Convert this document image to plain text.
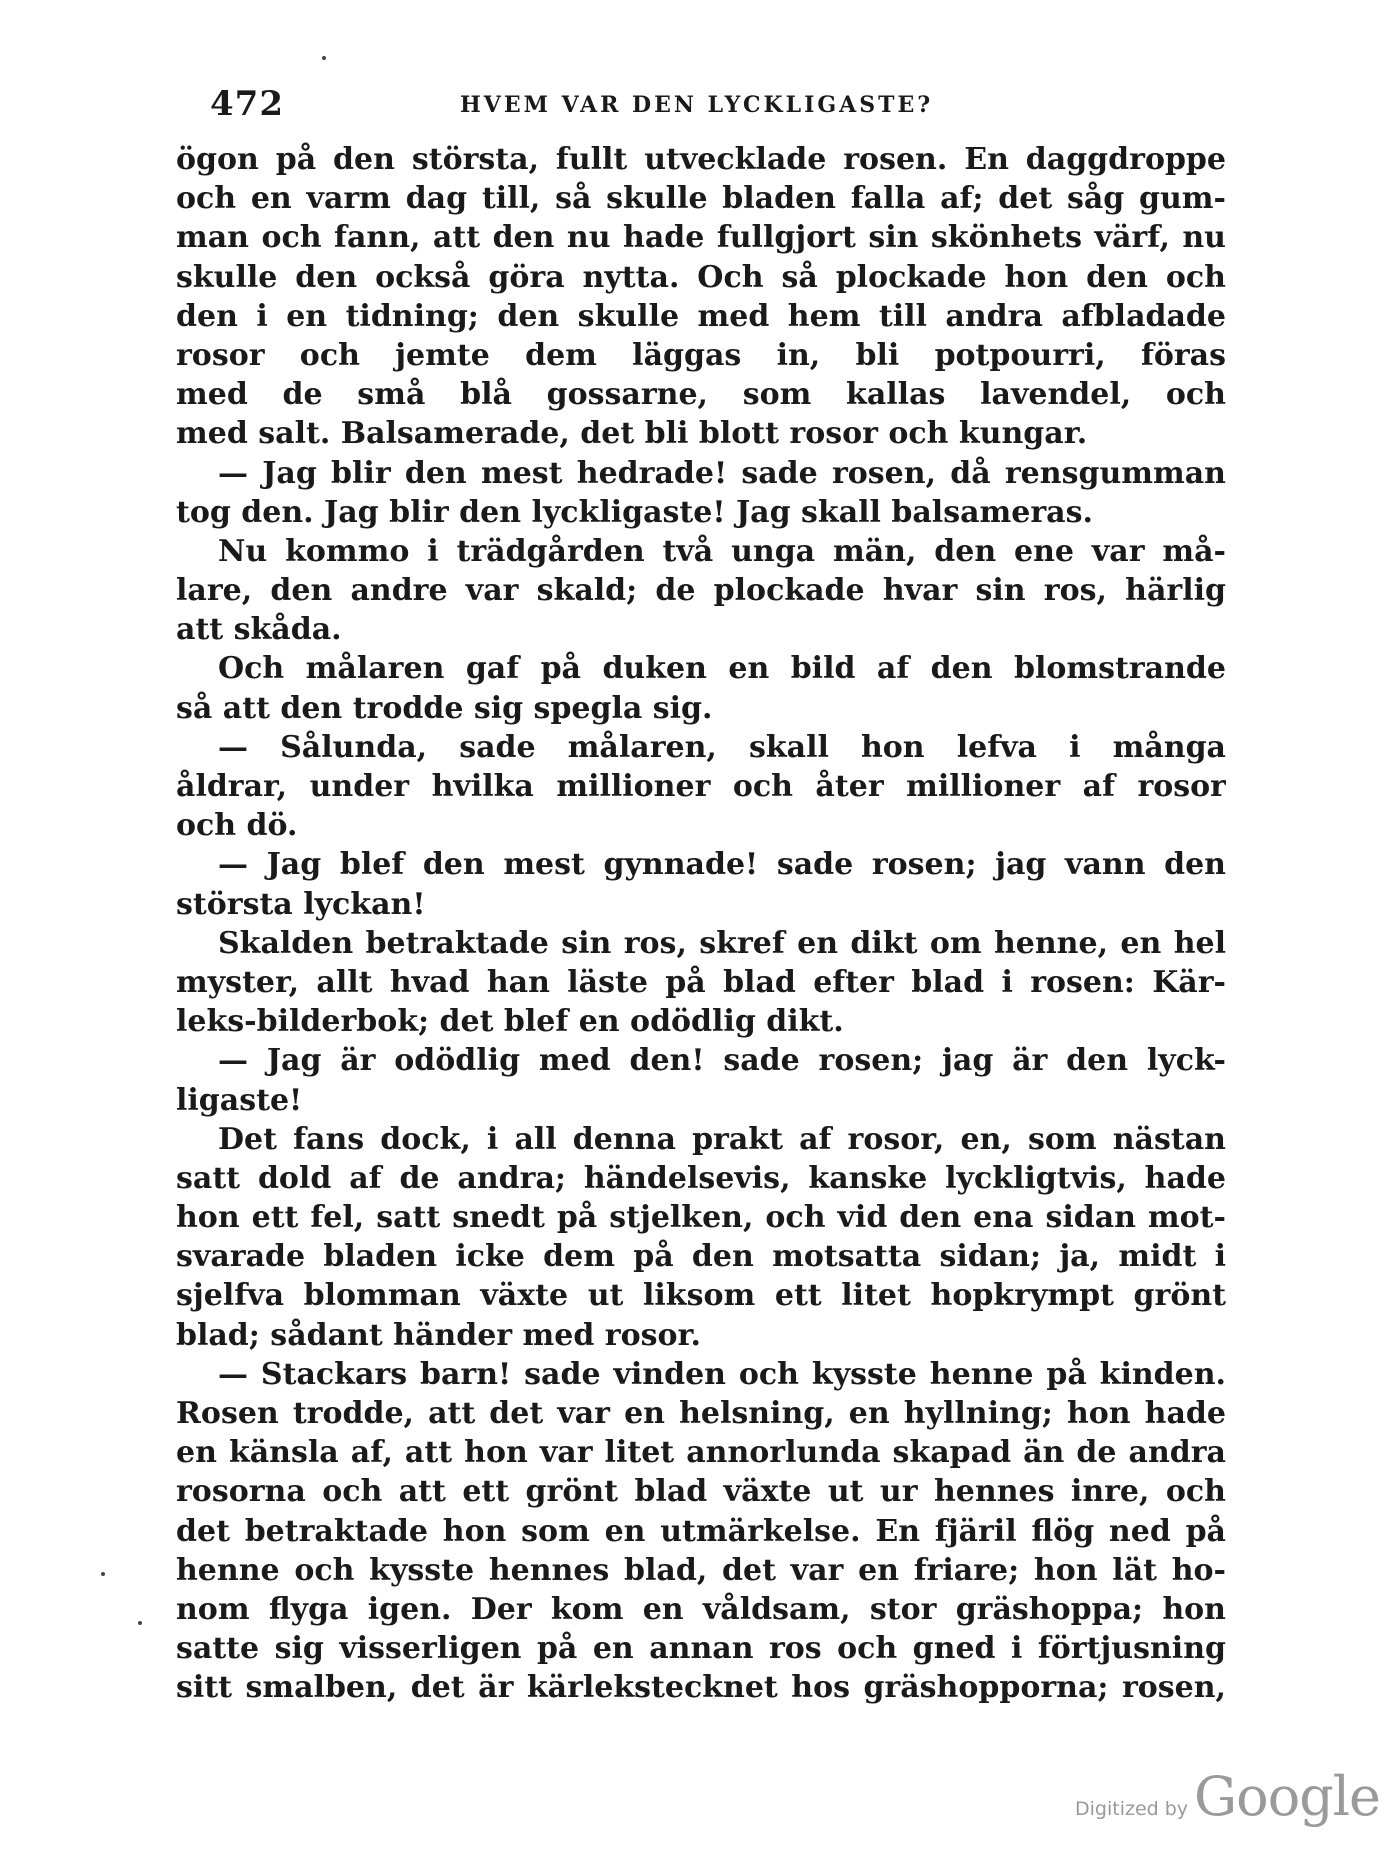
472	HVEM VAR DEN LYCKLIGASTE?
ögon på den största, fullt utvecklade rosen. En daggdroppe
och en varm dag till, så skulle bladen falla af; det såg gum-
man och fann, att den nu hade fullgjort sin skönhets värf, nu
skulle den också göra nytta. Och så plockade hon den och
den i en tidning; den skulle med hem till andra afbladade
rosor och jemte dem läggas in, bli potpourri, föras
med de små blå gossarne, som kallas lavendel, och
med salt. Balsamerade, det bli blott rosor och kungar.
— Jag blir den mest hedrade! sade rosen, då rensgumman
tog den. Jag blir den lyckligaste! Jag skall balsameras.
Nu kommo i trädgården två unga män, den ene var må-
lare, den andre var skald; de plockade hvar sin ros, härlig
att skåda.
Och målaren gaf på duken en bild af den blomstrande
så att den trodde sig spegla sig.
— Sålunda, sade målaren, skall hon lefva i många
åldrar, under hvilka millioner och åter millioner af rosor
och dö.
— Jag blef den mest gynnade! sade rosen; jag vann den
största lyckan!
Skalden betraktade sin ros, skref en dikt om henne, en hel
myster, allt hvad han läste på blad efter blad i rosen: Kär-
leks-bilderbok; det blef en odödlig dikt.
— Jag är odödlig med den! sade rosen; jag är den lyck-
ligaste!
Det fans dock, i all denna prakt af rosor, en, som nästan
satt dold af de andra; händelsevis, kanske lyckligtvis, hade
hon ett fel, satt snedt på stjelken, och vid den ena sidan mot-
svarade bladen icke dem på den motsatta sidan; ja, midt i
sjelfva blomman växte ut liksom ett litet hopkrympt grönt
blad; sådant händer med rosor.
— Stackars barn! sade vinden och kysste henne på kinden.
Rosen trodde, att det var en helsning, en hyllning; hon hade
en känsla af, att hon var litet annorlunda skapad än de andra
rosorna och att ett grönt blad växte ut ur hennes inre, och
det betraktade hon som en utmärkelse. En fjäril flög ned på
henne och kysste hennes blad, det var en friare; hon lät ho-
nom flyga igen. Der kom en våldsam, stor gräshoppa; hon
satte sig visserligen på en annan ros och gned i förtjusning
sitt smalben, det är kärlekstecknet hos gräshopporna; rosen,
Digitized by Google
